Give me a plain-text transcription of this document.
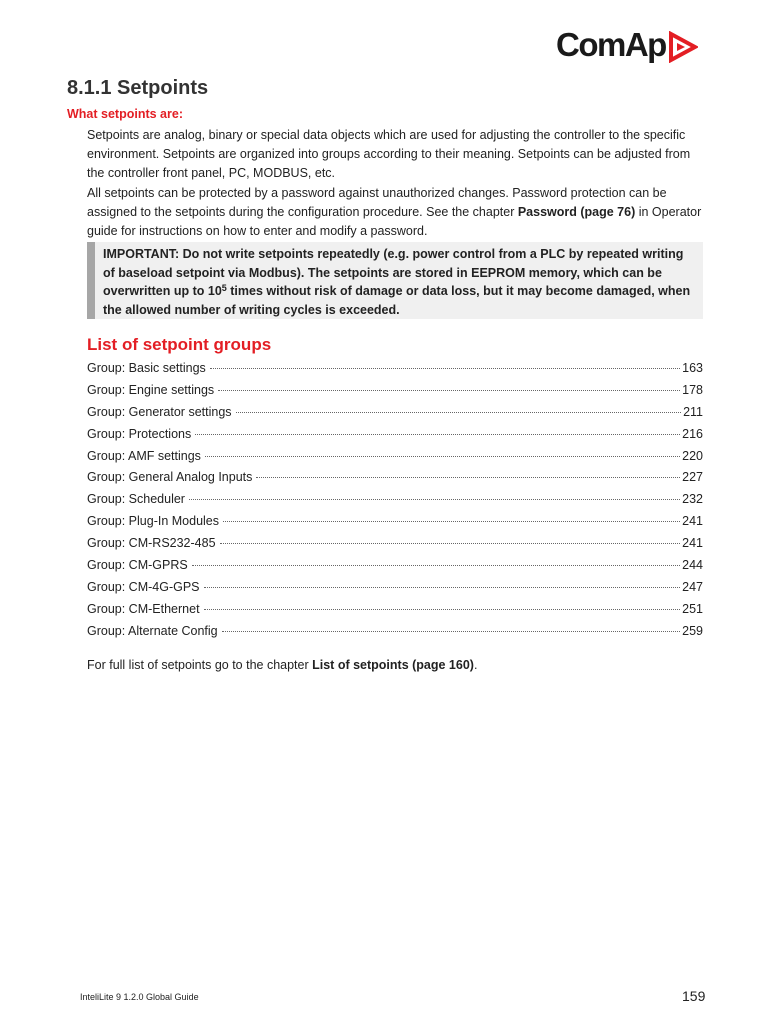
ComAp
8.1.1 Setpoints
What setpoints are:
Setpoints are analog, binary or special data objects which are used for adjusting the controller to the specific environment. Setpoints are organized into groups according to their meaning. Setpoints can be adjusted from the controller front panel, PC, MODBUS, etc.
All setpoints can be protected by a password against unauthorized changes. Password protection can be assigned to the setpoints during the configuration procedure. See the chapter Password (page 76) in Operator guide for instructions on how to enter and modify a password.
IMPORTANT: Do not write setpoints repeatedly (e.g. power control from a PLC by repeated writing of baseload setpoint via Modbus). The setpoints are stored in EEPROM memory, which can be overwritten up to $10^5$ times without risk of damage or data loss, but it may become damaged, when the allowed number of writing cycles is exceeded.
List of setpoint groups
Group: Basic settings	163
Group: Engine settings	178
Group: Generator settings	211
Group: Protections	216
Group: AMF settings	220
Group: General Analog Inputs	227
Group: Scheduler	232
Group: Plug-In Modules	241
Group: CM-RS232-485	241
Group: CM-GPRS	244
Group: CM-4G-GPS	247
Group: CM-Ethernet	251
Group: Alternate Config	259
For full list of setpoints go to the chapter List of setpoints (page 160).
InteliLite 9 1.2.0 Global Guide	159
